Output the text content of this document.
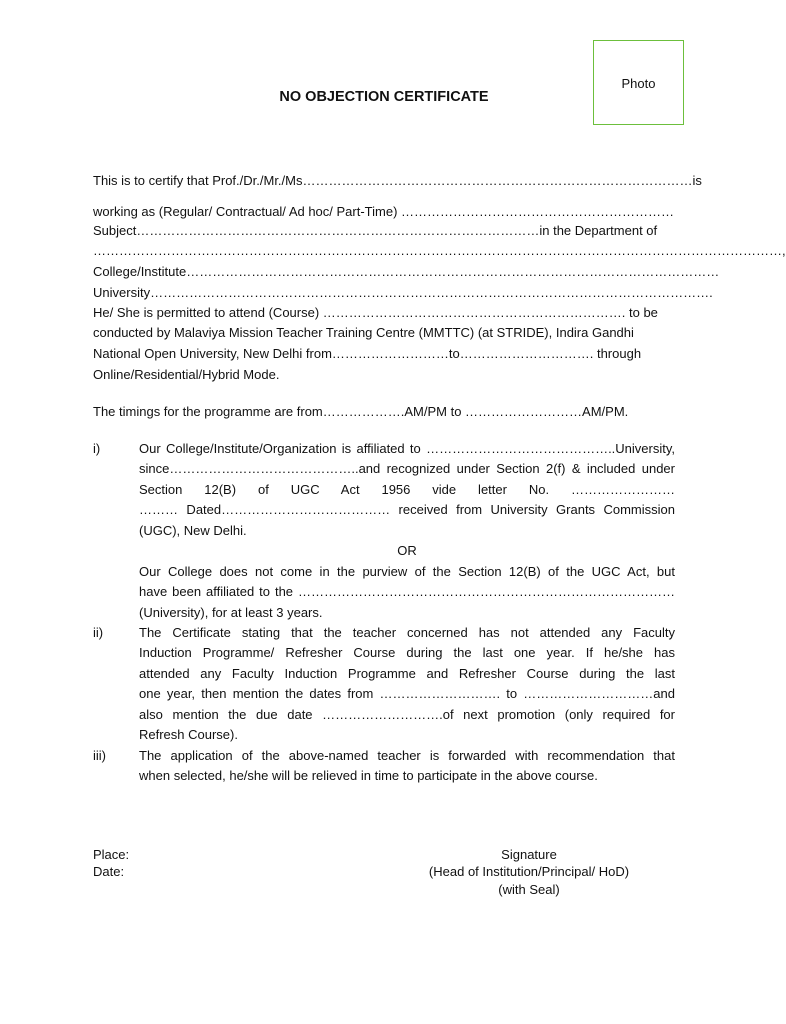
Photo
NO OBJECTION CERTIFICATE
This is to certify that Prof./Dr./Mr./Ms………………………………………………………………………………is
working as (Regular/ Contractual/ Ad hoc/ Part-Time) ………………………………………………………
Subject…………………………………………………………………………………in the Department of
……………………………………………………………………………………………………………………………………………,
College/Institute……………………………………………………………………………………………………………
University………………………………………………………………………………………………………………….
He/ She is permitted to attend (Course) ……………………………………………………………. to be
conducted by Malaviya Mission Teacher Training Centre (MMTTC) (at STRIDE), Indira Gandhi
National Open University, New Delhi from………………………to…………………………. through
Online/Residential/Hybrid Mode.
The timings for the programme are from……………….AM/PM to ………………………AM/PM.
i)	Our College/Institute/Organization is affiliated to ……………………………………..University,
since……………………………………..and recognized under Section 2(f) & included under
Section 12(B) of UGC Act 1956 vide letter No. ……………………
……… Dated………………………………… received from University Grants Commission
(UGC), New Delhi.
OR
Our College does not come in the purview of the Section 12(B) of the UGC Act, but
have been affiliated to the ……………………………………………………………………………
(University), for at least 3 years.
ii)	The Certificate stating that the teacher concerned has not attended any Faculty
Induction Programme/ Refresher Course during the last one year. If he/she has
attended any Faculty Induction Programme and Refresher Course during the last
one year, then mention the dates from ………………………. to …………………………and
also mention the due date ……………………….of next promotion (only required for
Refresh Course).
iii)	The application of the above-named teacher is forwarded with recommendation that
when selected, he/she will be relieved in time to participate in the above course.
Place:
Date:
Signature
(Head of Institution/Principal/ HoD)
(with Seal)
